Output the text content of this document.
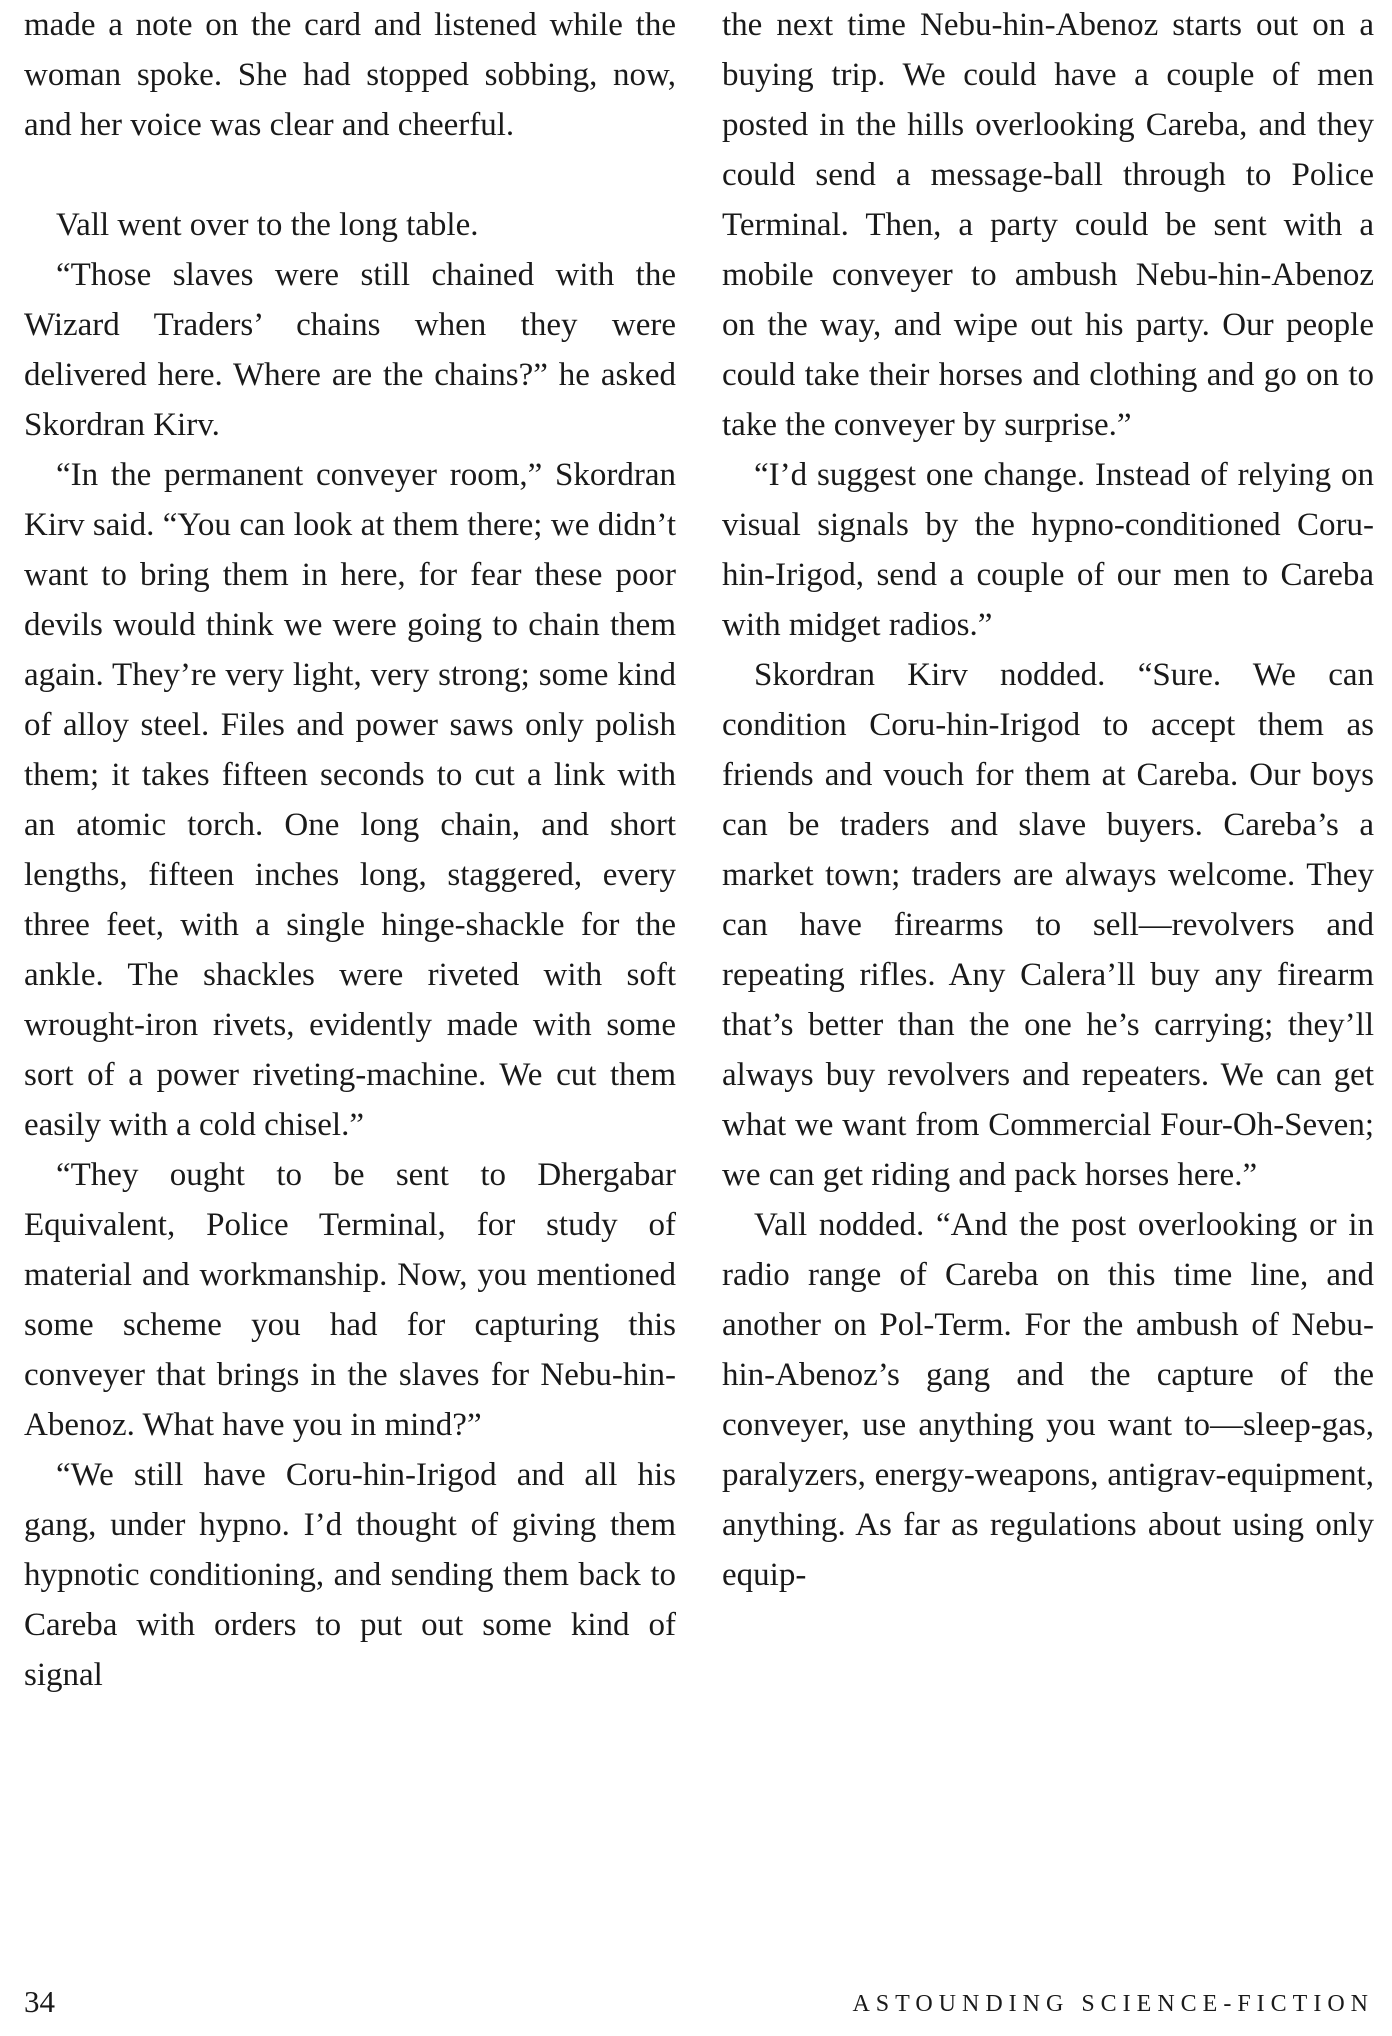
made a note on the card and listened while the woman spoke. She had stopped sobbing, now, and her voice was clear and cheerful.

Vall went over to the long table.

“Those slaves were still chained with the Wizard Traders’ chains when they were delivered here. Where are the chains?” he asked Skordran Kirv.

“In the permanent conveyer room,” Skordran Kirv said. “You can look at them there; we didn’t want to bring them in here, for fear these poor devils would think we were going to chain them again. They’re very light, very strong; some kind of alloy steel. Files and power saws only polish them; it takes fifteen seconds to cut a link with an atomic torch. One long chain, and short lengths, fifteen inches long, staggered, every three feet, with a single hinge-shackle for the ankle. The shackles were riveted with soft wrought-iron rivets, evidently made with some sort of a power riveting-machine. We cut them easily with a cold chisel.”

“They ought to be sent to Dhergabar Equivalent, Police Terminal, for study of material and workmanship. Now, you mentioned some scheme you had for capturing this conveyer that brings in the slaves for Nebu-hin-Abenoz. What have you in mind?”

“We still have Coru-hin-Irigod and all his gang, under hypno. I’d thought of giving them hypnotic conditioning, and sending them back to Careba with orders to put out some kind of signal

the next time Nebu-hin-Abenoz starts out on a buying trip. We could have a couple of men posted in the hills overlooking Careba, and they could send a message-ball through to Police Terminal. Then, a party could be sent with a mobile conveyer to ambush Nebu-hin-Abenoz on the way, and wipe out his party. Our people could take their horses and clothing and go on to take the conveyer by surprise.”

“I’d suggest one change. Instead of relying on visual signals by the hypno-conditioned Coru-hin-Irigod, send a couple of our men to Careba with midget radios.”

Skordran Kirv nodded. “Sure. We can condition Coru-hin-Irigod to accept them as friends and vouch for them at Careba. Our boys can be traders and slave buyers. Careba’s a market town; traders are always welcome. They can have firearms to sell—revolvers and repeating rifles. Any Calera’ll buy any firearm that’s better than the one he’s carrying; they’ll always buy revolvers and repeaters. We can get what we want from Commercial Four-Oh-Seven; we can get riding and pack horses here.”

Vall nodded. “And the post overlooking or in radio range of Careba on this time line, and another on Pol-Term. For the ambush of Nebu-hin-Abenoz’s gang and the capture of the conveyer, use anything you want to—sleep-gas, paralyzers, energy-weapons, antigrav-equipment, anything. As far as regulations about using only equip-

34	ASTOUNDING SCIENCE-FICTION
